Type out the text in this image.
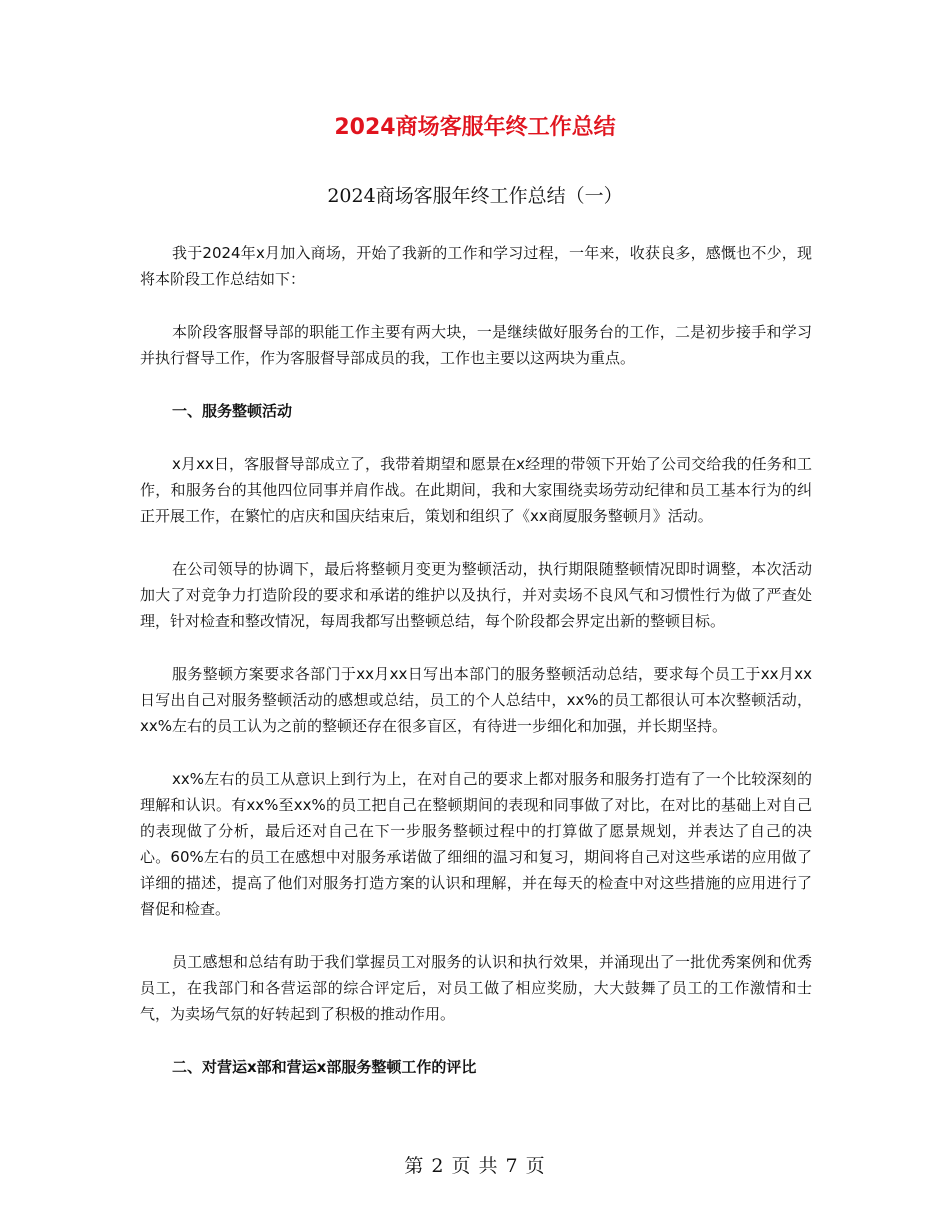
2024商场客服年终工作总结
2024商场客服年终工作总结（一）

我于2024年x月加入商场，开始了我新的工作和学习过程，一年来，收获良多，感慨也不少，现将本阶段工作总结如下：

本阶段客服督导部的职能工作主要有两大块，一是继续做好服务台的工作，二是初步接手和学习并执行督导工作，作为客服督导部成员的我，工作也主要以这两块为重点。

一、服务整顿活动

x月xx日，客服督导部成立了，我带着期望和愿景在x经理的带领下开始了公司交给我的任务和工作，和服务台的其他四位同事并肩作战。在此期间，我和大家围绕卖场劳动纪律和员工基本行为的纠正开展工作，在繁忙的店庆和国庆结束后，策划和组织了《xx商厦服务整顿月》活动。

在公司领导的协调下，最后将整顿月变更为整顿活动，执行期限随整顿情况即时调整，本次活动加大了对竞争力打造阶段的要求和承诺的维护以及执行，并对卖场不良风气和习惯性行为做了严查处理，针对检查和整改情况，每周我都写出整顿总结，每个阶段都会界定出新的整顿目标。

服务整顿方案要求各部门于xx月xx日写出本部门的服务整顿活动总结，要求每个员工于xx月xx日写出自己对服务整顿活动的感想或总结，员工的个人总结中，xx%的员工都很认可本次整顿活动，xx%左右的员工认为之前的整顿还存在很多盲区，有待进一步细化和加强，并长期坚持。

xx%左右的员工从意识上到行为上，在对自己的要求上都对服务和服务打造有了一个比较深刻的理解和认识。有xx%至xx%的员工把自己在整顿期间的表现和同事做了对比，在对比的基础上对自己的表现做了分析，最后还对自己在下一步服务整顿过程中的打算做了愿景规划，并表达了自己的决心。60%左右的员工在感想中对服务承诺做了细细的温习和复习，期间将自己对这些承诺的应用做了详细的描述，提高了他们对服务打造方案的认识和理解，并在每天的检查中对这些措施的应用进行了督促和检查。

员工感想和总结有助于我们掌握员工对服务的认识和执行效果，并涌现出了一批优秀案例和优秀员工，在我部门和各营运部的综合评定后，对员工做了相应奖励，大大鼓舞了员工的工作激情和士气，为卖场气氛的好转起到了积极的推动作用。

二、对营运x部和营运x部服务整顿工作的评比

第 2 页 共 7 页
